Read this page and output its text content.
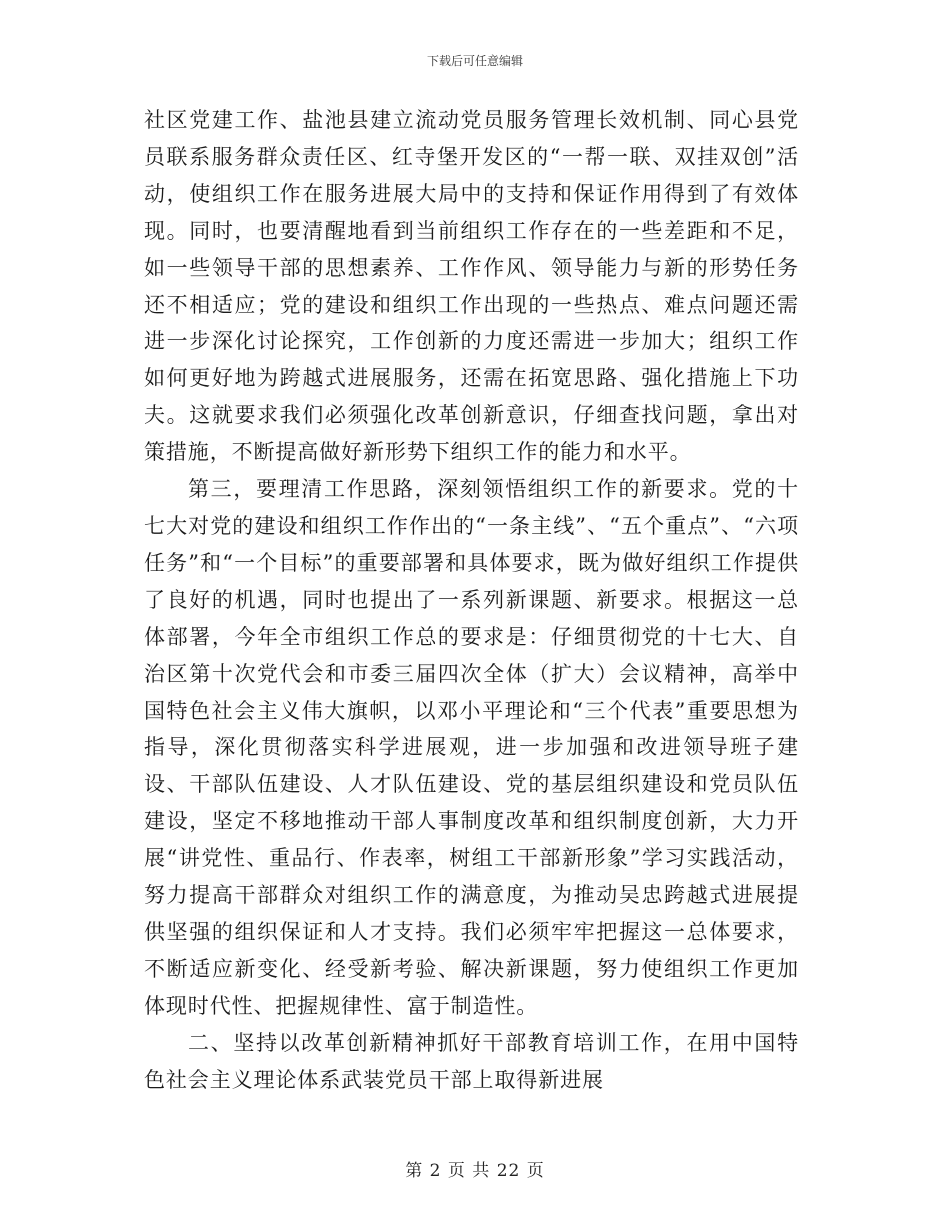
下载后可任意编辑

社区党建工作、盐池县建立流动党员服务管理长效机制、同心县党员联系服务群众责任区、红寺堡开发区的“一帮一联、双挂双创”活动，使组织工作在服务进展大局中的支持和保证作用得到了有效体现。同时，也要清醒地看到当前组织工作存在的一些差距和不足，如一些领导干部的思想素养、工作作风、领导能力与新的形势任务还不相适应；党的建设和组织工作出现的一些热点、难点问题还需进一步深化讨论探究，工作创新的力度还需进一步加大；组织工作如何更好地为跨越式进展服务，还需在拓宽思路、强化措施上下功夫。这就要求我们必须强化改革创新意识，仔细查找问题，拿出对策措施，不断提高做好新形势下组织工作的能力和水平。

第三，要理清工作思路，深刻领悟组织工作的新要求。党的十七大对党的建设和组织工作作出的“一条主线”、“五个重点”、“六项任务”和“一个目标”的重要部署和具体要求，既为做好组织工作提供了良好的机遇，同时也提出了一系列新课题、新要求。根据这一总体部署，今年全市组织工作总的要求是：仔细贯彻党的十七大、自治区第十次党代会和市委三届四次全体（扩大）会议精神，高举中国特色社会主义伟大旗帜，以邓小平理论和“三个代表”重要思想为指导，深化贯彻落实科学进展观，进一步加强和改进领导班子建设、干部队伍建设、人才队伍建设、党的基层组织建设和党员队伍建设，坚定不移地推动干部人事制度改革和组织制度创新，大力开展“讲党性、重品行、作表率，树组工干部新形象”学习实践活动，努力提高干部群众对组织工作的满意度，为推动吴忠跨越式进展提供坚强的组织保证和人才支持。我们必须牢牢把握这一总体要求，不断适应新变化、经受新考验、解决新课题，努力使组织工作更加体现时代性、把握规律性、富于制造性。

二、坚持以改革创新精神抓好干部教育培训工作，在用中国特色社会主义理论体系武装党员干部上取得新进展

第 2 页 共 22 页
